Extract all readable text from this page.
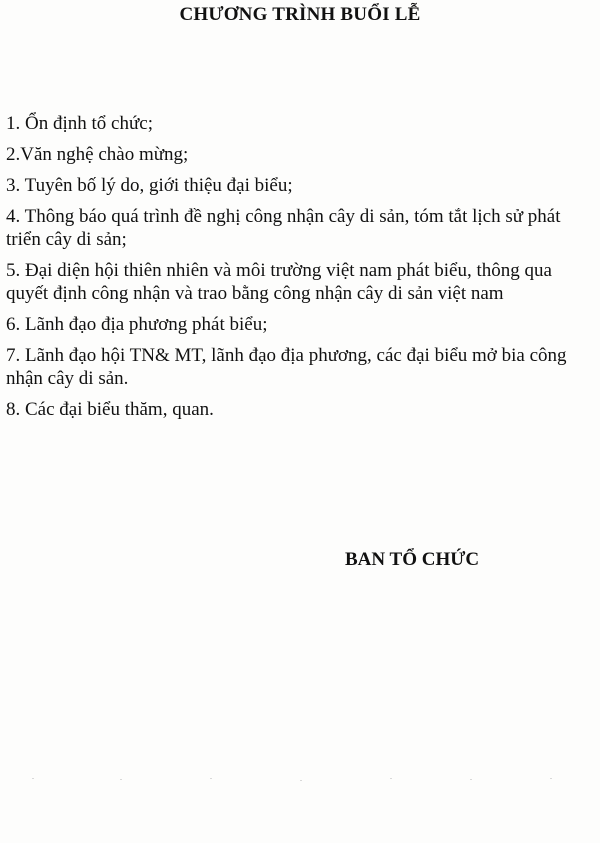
CHƯƠNG TRÌNH BUỔI LỄ
1. Ổn định tổ chức;
2.Văn nghệ chào mừng;
3. Tuyên bố lý do, giới thiệu đại biểu;
4. Thông báo quá trình đề nghị công nhận cây di sản, tóm tắt lịch sử phát triển cây di sản;
5. Đại diện hội thiên nhiên và môi trường việt nam phát biểu, thông qua quyết định công nhận và trao bằng công nhận cây di sản việt nam
6. Lãnh đạo địa phương phát biểu;
7. Lãnh đạo hội TN& MT, lãnh đạo địa phương, các đại biểu mở bia công nhận cây di sản.
8. Các đại biểu thăm, quan.
BAN TỔ CHỨC
